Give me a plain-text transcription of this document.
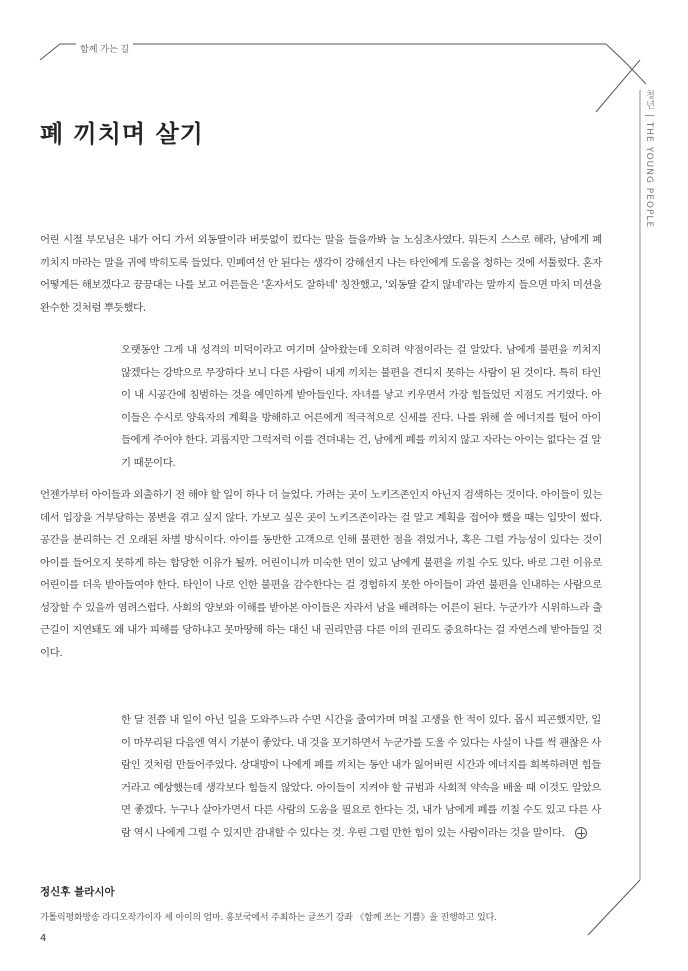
함께 가는 길
청년 | THE YOUNG PEOPLE
폐 끼치며 살기

어린 시절 부모님은 내가 어디 가서 외동딸이라 버릇없이 컸다는 말을 들을까봐 늘 노심초사였다. 뭐든지 스스로 해라, 남에게 폐 끼치지 마라는 말을 귀에 박히도록 들었다. 민폐여선 안 된다는 생각이 강해선지 나는 타인에게 도움을 청하는 것에 서툴렀다. 혼자 어떻게든 해보겠다고 끙끙대는 나를 보고 어른들은 '혼자서도 잘하네' 칭찬했고, '외동딸 같지 않네'라는 말까지 들으면 마치 미션을 완수한 것처럼 뿌듯했다.

오랫동안 그게 내 성격의 미덕이라고 여기며 살아왔는데 오히려 약점이라는 걸 알았다. 남에게 불편을 끼치지 않겠다는 강박으로 무장하다 보니 다른 사람이 내게 끼치는 불편을 견디지 못하는 사람이 된 것이다. 특히 타인이 내 시공간에 침범하는 것을 예민하게 받아들인다. 자녀를 낳고 키우면서 가장 힘들었던 지점도 거기였다. 아이들은 수시로 양육자의 계획을 방해하고 어른에게 적극적으로 신세를 진다. 나를 위해 쓸 에너지를 털어 아이들에게 주어야 한다. 괴롭지만 그럭저럭 이를 견뎌내는 건, 남에게 폐를 끼치지 않고 자라는 아이는 없다는 걸 알기 때문이다.

언젠가부터 아이들과 외출하기 전 해야 할 일이 하나 더 늘었다. 가려는 곳이 노키즈존인지 아닌지 검색하는 것이다. 아이들이 있는 데서 입장을 거부당하는 봉변을 겪고 싶지 않다. 가보고 싶은 곳이 노키즈존이라는 걸 알고 계획을 접어야 했을 때는 입맛이 썼다. 공간을 분리하는 건 오래된 차별 방식이다. 아이를 동반한 고객으로 인해 불편한 점을 겪었거나, 혹은 그럴 가능성이 있다는 것이 아이를 들어오지 못하게 하는 합당한 이유가 될까. 어린이니까 미숙한 면이 있고 남에게 불편을 끼칠 수도 있다. 바로 그런 이유로 어린이를 더욱 받아들여야 한다. 타인이 나로 인한 불편을 감수한다는 걸 경험하지 못한 아이들이 과연 불편을 인내하는 사람으로 성장할 수 있을까 염려스럽다. 사회의 양보와 이해를 받아본 아이들은 자라서 남을 배려하는 어른이 된다. 누군가가 시위하느라 출근길이 지연돼도 왜 내가 피해를 당하냐고 못마땅해 하는 대신 내 권리만큼 다른 이의 권리도 중요하다는 걸 자연스레 받아들일 것이다.

한 달 전쯤 내 일이 아닌 일을 도와주느라 수면 시간을 줄여가며 며칠 고생을 한 적이 있다. 몹시 피곤했지만, 일이 마무리된 다음엔 역시 기분이 좋았다. 내 것을 포기하면서 누군가를 도울 수 있다는 사실이 나를 썩 괜찮은 사람인 것처럼 만들어주었다. 상대방이 나에게 폐를 끼치는 동안 내가 잃어버린 시간과 에너지를 회복하려면 힘들 거라고 예상했는데 생각보다 힘들지 않았다. 아이들이 지켜야 할 규범과 사회적 약속을 배울 때 이것도 알았으면 좋겠다. 누구나 살아가면서 다른 사람의 도움을 필요로 한다는 것, 내가 남에게 폐를 끼칠 수도 있고 다른 사람 역시 나에게 그럴 수 있지만 감내할 수 있다는 것. 우린 그럴 만한 힘이 있는 사람이라는 것을 말이다.

정신후 블라시아
가톨릭평화방송 라디오작가이자 세 아이의 엄마. 홍보국에서 주최하는 글쓰기 강좌 《함께 쓰는 기쁨》을 진행하고 있다.
4
